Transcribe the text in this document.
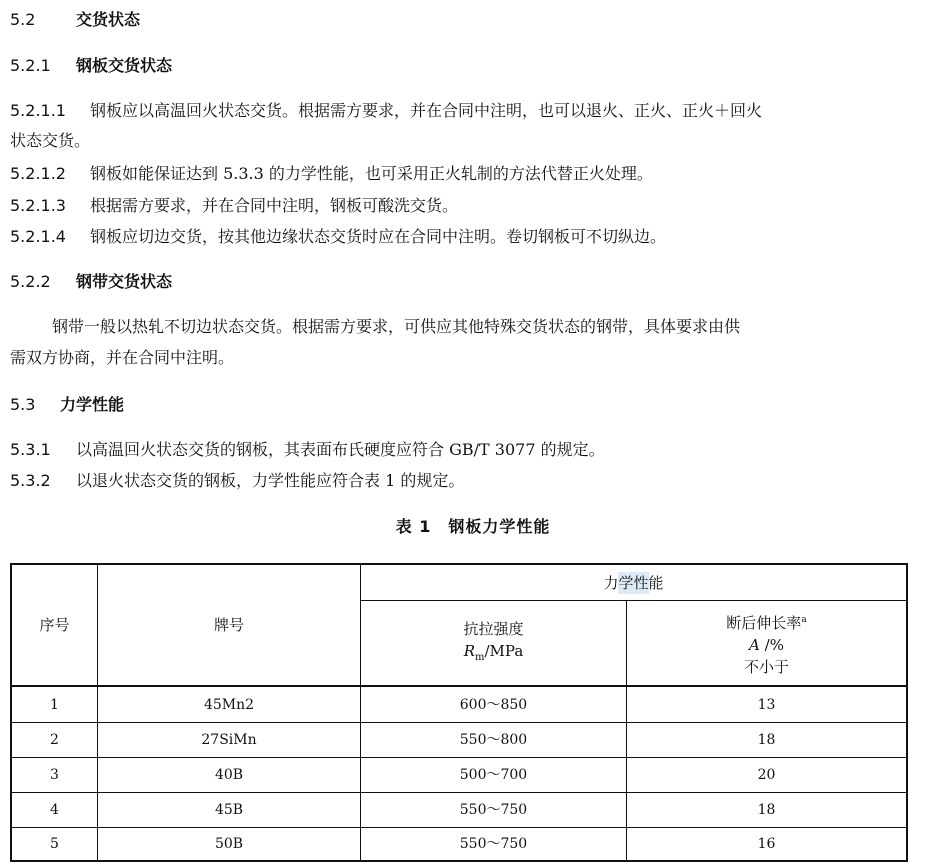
5.2	交货状态
5.2.1 钢板交货状态
5.2.1.1 钢板应以高温回火状态交货。根据需方要求，并在合同中注明，也可以退火、正火、正火＋回火
状态交货。
5.2.1.2 钢板如能保证达到 5.3.3 的力学性能，也可采用正火轧制的方法代替正火处理。
5.2.1.3 根据需方要求，并在合同中注明，钢板可酸洗交货。
5.2.1.4 钢板应切边交货，按其他边缘状态交货时应在合同中注明。卷切钢板可不切纵边。
5.2.2 钢带交货状态
钢带一般以热轧不切边状态交货。根据需方要求，可供应其他特殊交货状态的钢带，具体要求由供
需双方协商，并在合同中注明。
5.3 力学性能
5.3.1 以高温回火状态交货的钢板，其表面布氏硬度应符合 GB/T 3077 的规定。
5.3.2 以退火状态交货的钢板，力学性能应符合表 1 的规定。
表 1　钢板力学性能
序号	牌号
力 学性 能
抗拉强度
$R_m$/MPa
断后伸长率$^a$
A /%
不小于
1	45Mn2	600～850	13
2	27SiMn	550～800	18
3	40B	500～700	20
4	45B	550～750	18
5	50B	550～750	16
